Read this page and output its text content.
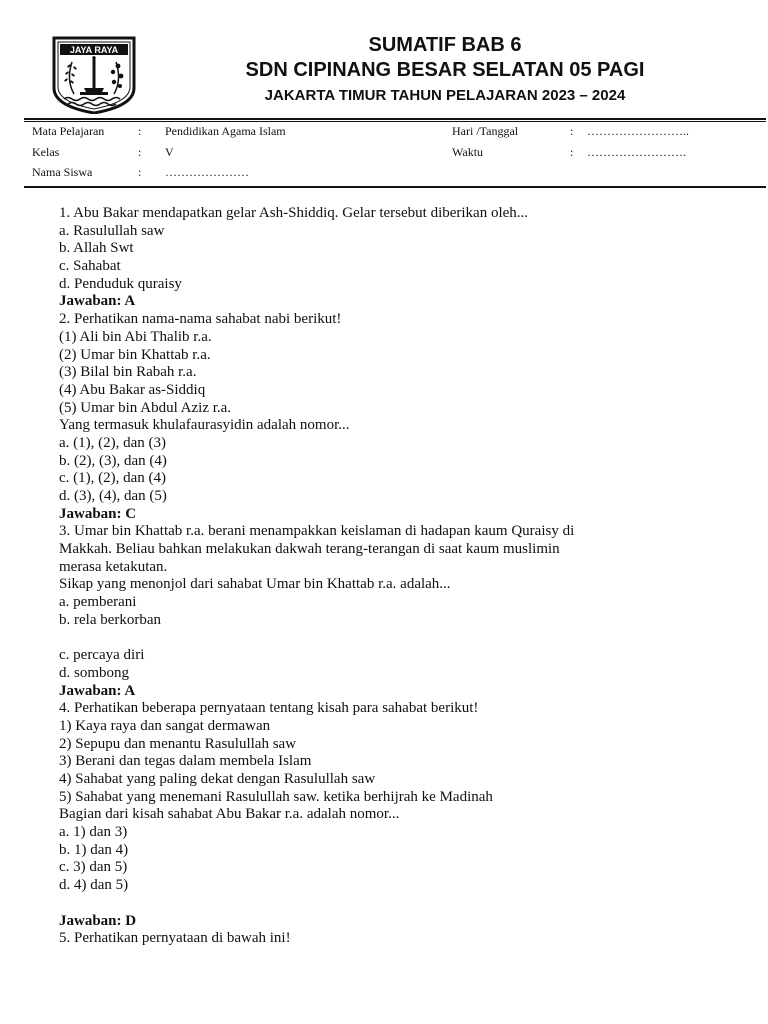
JAYA RAYA	SUMATIF BAB 6
SDN CIPINANG BESAR SELATAN 05 PAGI
JAKARTA TIMUR TAHUN PELAJARAN 2023 – 2024
Mata Pelajaran	: Pendidikan Agama Islam
Kelas	: V
Nama Siswa	: …………………
Hari /Tanggal	: ……………………..
Waktu	: …………………….
1. Abu Bakar mendapatkan gelar Ash-Shiddiq. Gelar tersebut diberikan oleh...
a. Rasulullah saw
b. Allah Swt
c. Sahabat
d. Penduduk quraisy
Jawaban: A
2. Perhatikan nama-nama sahabat nabi berikut!
(1) Ali bin Abi Thalib r.a.
(2) Umar bin Khattab r.a.
(3) Bilal bin Rabah r.a.
(4) Abu Bakar as-Siddiq
(5) Umar bin Abdul Aziz r.a.
Yang termasuk khulafaurasyidin adalah nomor...
a. (1), (2), dan (3)
b. (2), (3), dan (4)
c. (1), (2), dan (4)
d. (3), (4), dan (5)
Jawaban: C
3. Umar bin Khattab r.a. berani menampakkan keislaman di hadapan kaum Quraisy di
Makkah. Beliau bahkan melakukan dakwah terang-terangan di saat kaum muslimin
merasa ketakutan.
Sikap yang menonjol dari sahabat Umar bin Khattab r.a. adalah...
a. pemberani
b. rela berkorban
c. percaya diri
d. sombong
Jawaban: A
4. Perhatikan beberapa pernyataan tentang kisah para sahabat berikut!
1) Kaya raya dan sangat dermawan
2) Sepupu dan menantu Rasulullah saw
3) Berani dan tegas dalam membela Islam
4) Sahabat yang paling dekat dengan Rasulullah saw
5) Sahabat yang menemani Rasulullah saw. ketika berhijrah ke Madinah
Bagian dari kisah sahabat Abu Bakar r.a. adalah nomor...
a. 1) dan 3)
b. 1) dan 4)
c. 3) dan 5)
d. 4) dan 5)
Jawaban: D
5. Perhatikan pernyataan di bawah ini!
